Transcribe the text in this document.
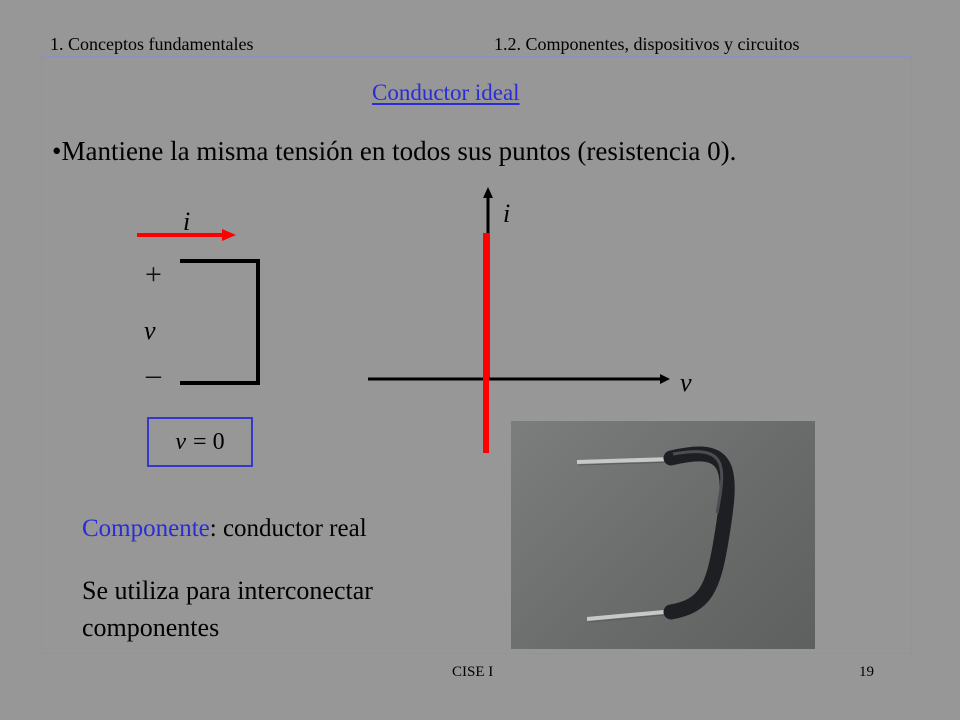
1. Conceptos fundamentales	1.2. Componentes, dispositivos y circuitos
Conductor ideal
•Mantiene la misma tensión en todos sus puntos (resistencia 0).
i
+
v
_
v = 0
i
v
Componente: conductor real
Se utiliza para interconectar componentes
CISE I	19
